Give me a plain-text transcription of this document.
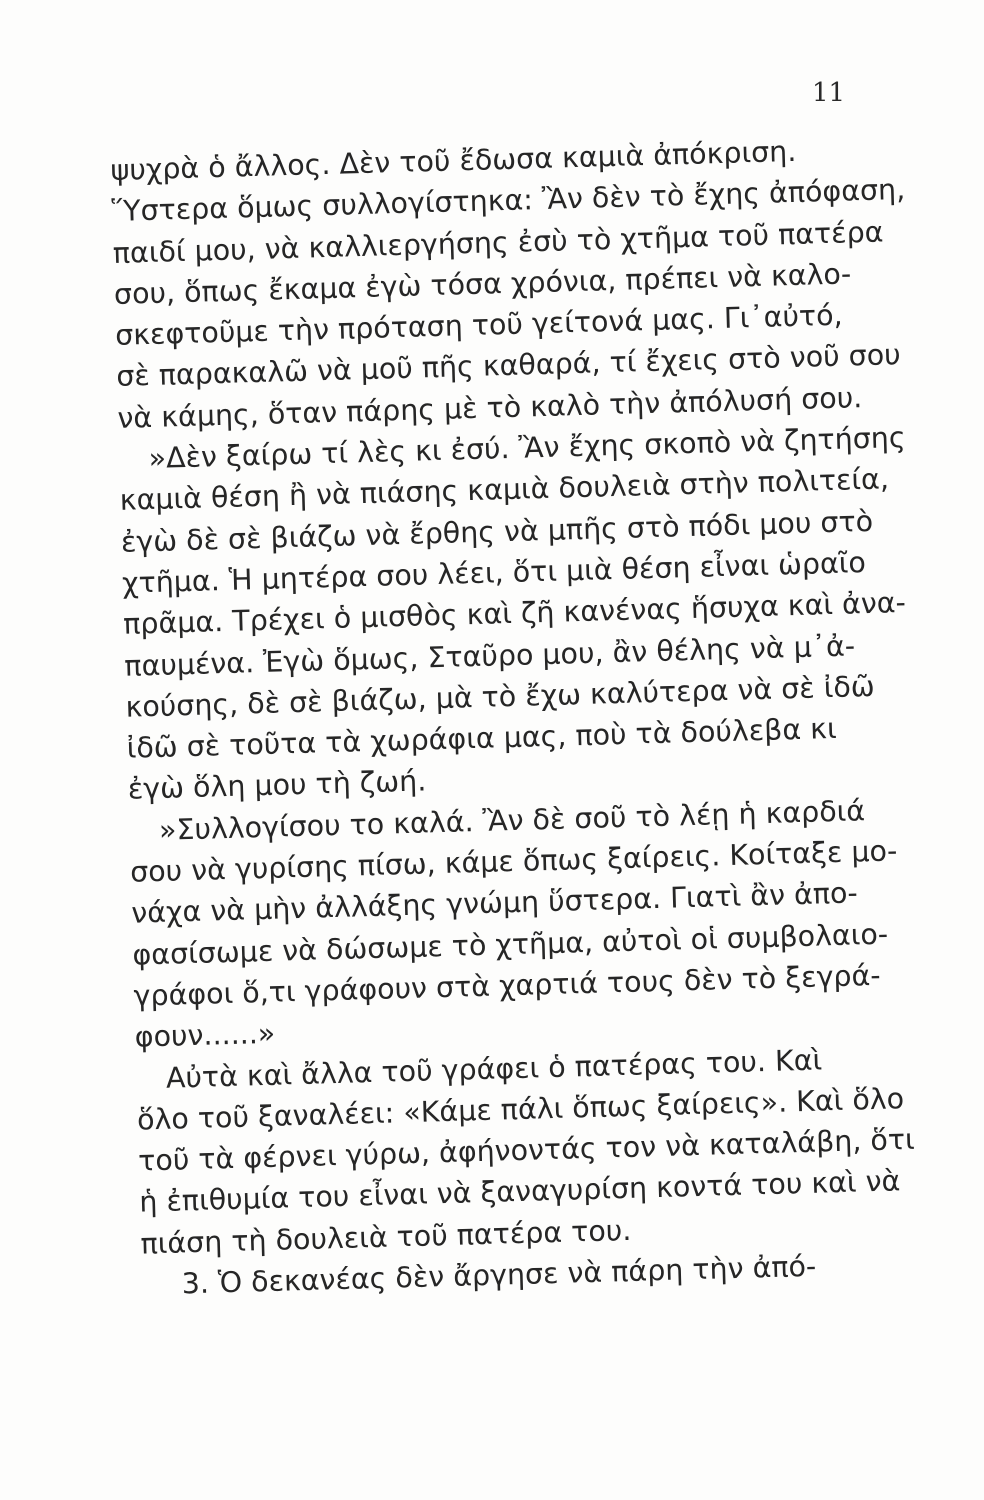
11
ψυχρὰ ὁ ἄλλος. Δὲν τοῦ ἔδωσα καμιὰ ἀπόκριση.
Ὕστερα ὅμως συλλογίστηκα: Ἂν δὲν τὸ ἔχης ἀπόφαση,
παιδί μου, νὰ καλλιεργήσης ἐσὺ τὸ χτῆμα τοῦ πατέρα
σου, ὅπως ἔκαμα ἐγὼ τόσα χρόνια, πρέπει νὰ καλο-
σκεφτοῦμε τὴν πρόταση τοῦ γείτονά μας. Γι᾽αὐτό,
σὲ παρακαλῶ νὰ μοῦ πῆς καθαρά, τί ἔχεις στὸ νοῦ σου
νὰ κάμης, ὅταν πάρης μὲ τὸ καλὸ τὴν ἀπόλυσή σου.
»Δὲν ξαίρω τί λὲς κι ἐσύ. Ἂν ἔχης σκοπὸ νὰ ζητήσης
καμιὰ θέση ἢ νὰ πιάσης καμιὰ δουλειὰ στὴν πολιτεία,
ἐγὼ δὲ σὲ βιάζω νὰ ἔρθης νὰ μπῆς στὸ πόδι μου στὸ
χτῆμα. Ἡ μητέρα σου λέει, ὅτι μιὰ θέση εἶναι ὡραῖο
πρᾶμα. Τρέχει ὁ μισθὸς καὶ ζῆ κανένας ἥσυχα καὶ ἀνα-
παυμένα. Ἐγὼ ὅμως, Σταῦρο μου, ἂν θέλης νὰ μ᾽ἀ-
κούσης, δὲ σὲ βιάζω, μὰ τὸ ἔχω καλύτερα νὰ σὲ ἰδῶ
ἰδῶ σὲ τοῦτα τὰ χωράφια μας, ποὺ τὰ δούλεβα κι
ἐγὼ ὅλη μου τὴ ζωή.
»Συλλογίσου το καλά. Ἂν δὲ σοῦ τὸ λέῃ ἡ καρδιά
σου νὰ γυρίσης πίσω, κάμε ὅπως ξαίρεις. Κοίταξε μο-
νάχα νὰ μὴν ἀλλάξης γνώμη ὕστερα. Γιατὶ ἂν ἀπο-
φασίσωμε νὰ δώσωμε τὸ χτῆμα, αὐτοὶ οἱ συμβολαιο-
γράφοι ὅ,τι γράφουν στὰ χαρτιά τους δὲν τὸ ξεγρά-
φουν......»
Αὐτὰ καὶ ἄλλα τοῦ γράφει ὁ πατέρας του. Καὶ
ὅλο τοῦ ξαναλέει: «Κάμε πάλι ὅπως ξαίρεις». Καὶ ὅλο
τοῦ τὰ φέρνει γύρω, ἀφήνοντάς τον νὰ καταλάβη, ὅτι
ἡ ἐπιθυμία του εἶναι νὰ ξαναγυρίση κοντά του καὶ νὰ
πιάση τὴ δουλειὰ τοῦ πατέρα του.
3. Ὁ δεκανέας δὲν ἄργησε νὰ πάρη τὴν ἀπό-
